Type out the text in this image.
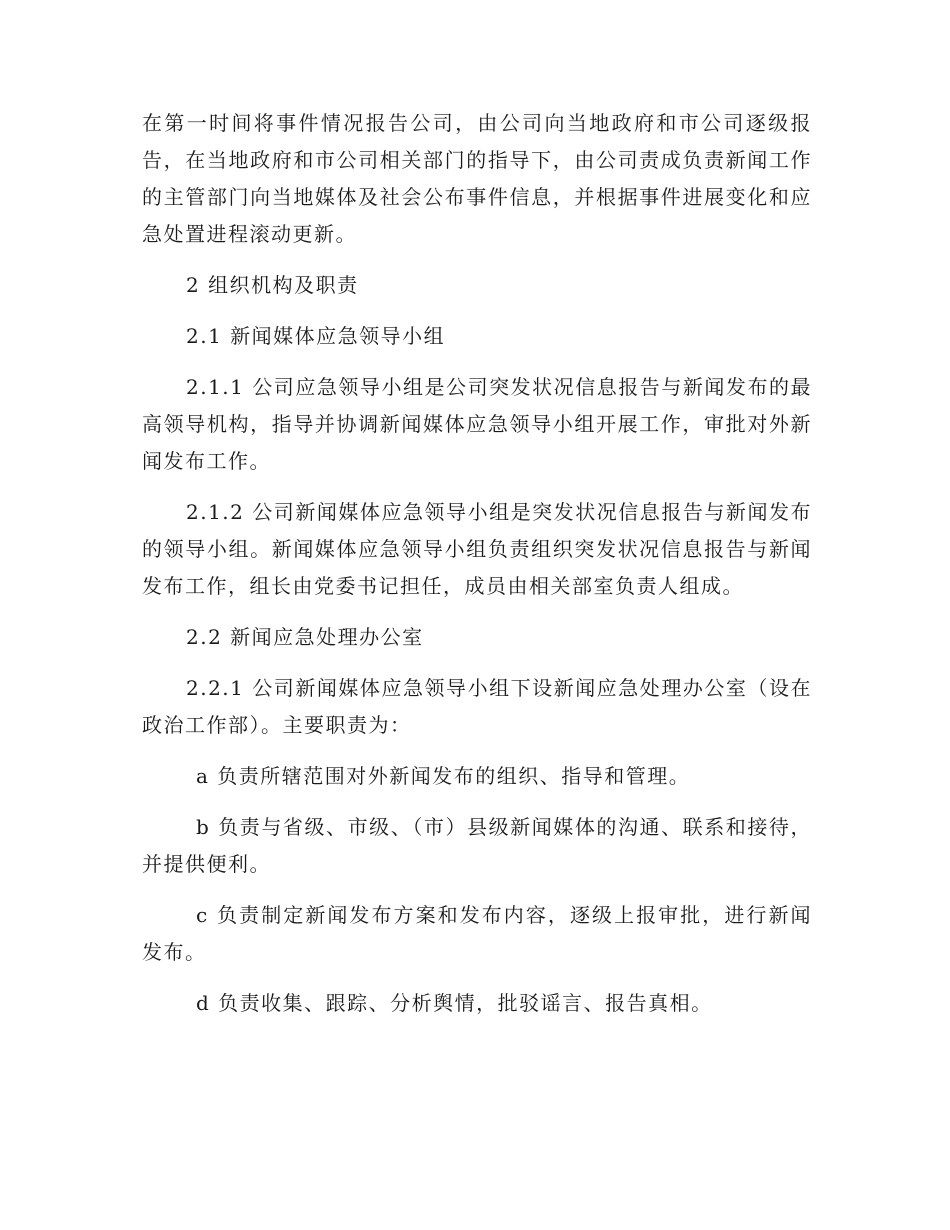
在第一时间将事件情况报告公司，由公司向当地政府和市公司逐级报告，在当地政府和市公司相关部门的指导下，由公司责成负责新闻工作的主管部门向当地媒体及社会公布事件信息，并根据事件进展变化和应急处置进程滚动更新。

2 组织机构及职责

2.1 新闻媒体应急领导小组

2.1.1 公司应急领导小组是公司突发状况信息报告与新闻发布的最高领导机构，指导并协调新闻媒体应急领导小组开展工作，审批对外新闻发布工作。

2.1.2 公司新闻媒体应急领导小组是突发状况信息报告与新闻发布的领导小组。新闻媒体应急领导小组负责组织突发状况信息报告与新闻发布工作，组长由党委书记担任，成员由相关部室负责人组成。

2.2 新闻应急处理办公室

2.2.1 公司新闻媒体应急领导小组下设新闻应急处理办公室（设在政治工作部）。主要职责为：

a 负责所辖范围对外新闻发布的组织、指导和管理。

b 负责与省级、市级、（市）县级新闻媒体的沟通、联系和接待，并提供便利。

c 负责制定新闻发布方案和发布内容，逐级上报审批，进行新闻发布。

d 负责收集、跟踪、分析舆情，批驳谣言、报告真相。
